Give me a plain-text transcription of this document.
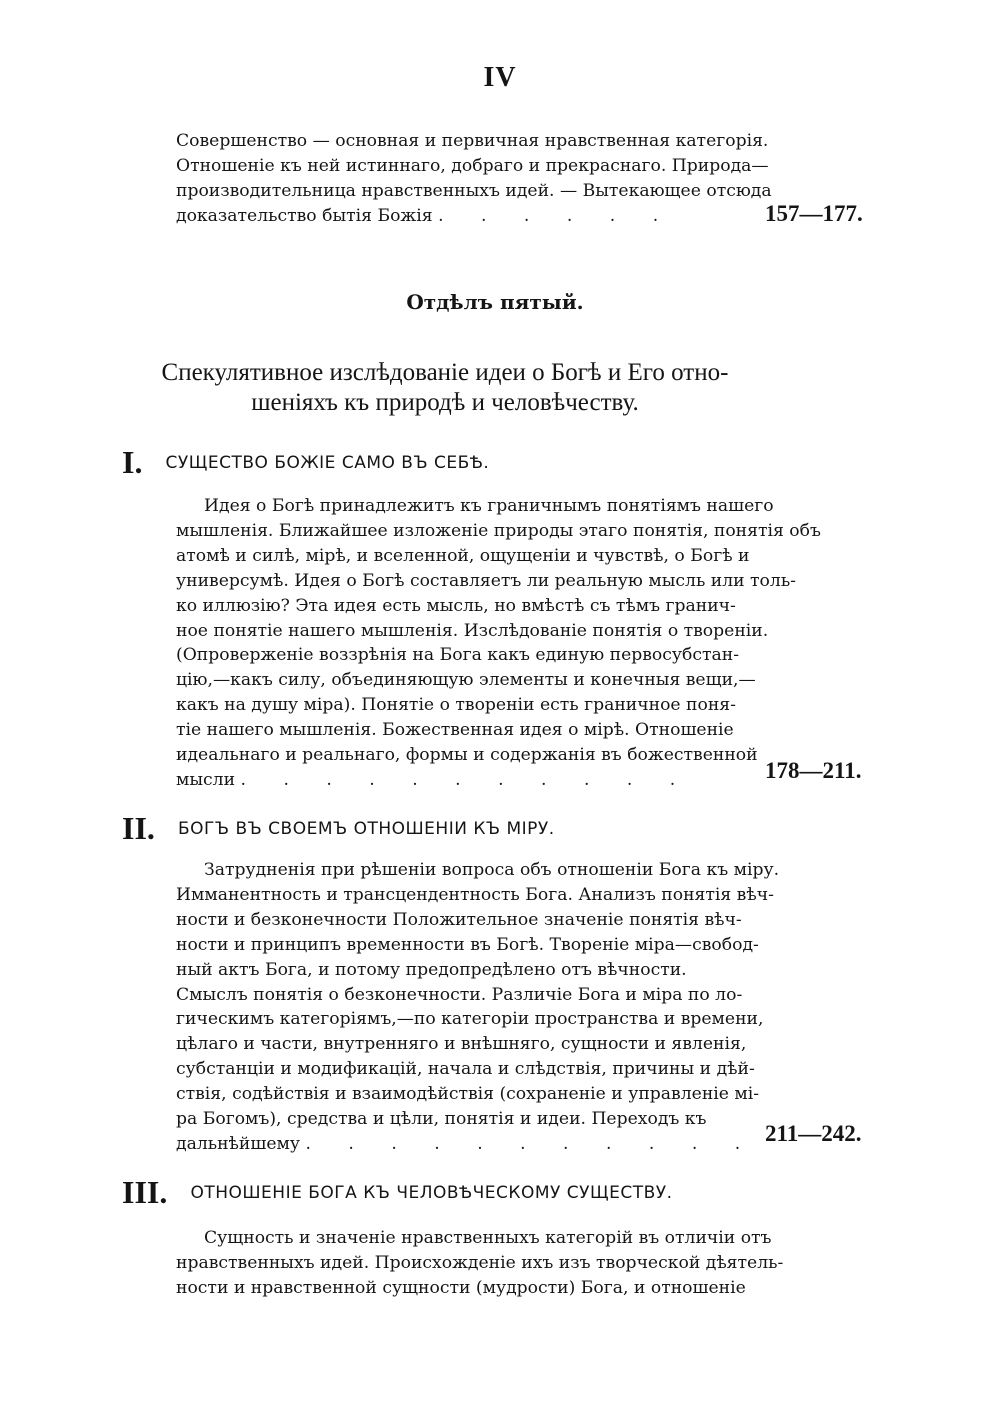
IV
Совершенство — основная и первичная нравственная категорія.
Отношеніе къ ней истиннаго, добраго и прекраснаго. Природа—
производительница нравственныхъ идей. — Вытекающее отсюда
доказательство бытія Божія . . . . . .	157—177.
Отдѣлъ пятый.
Спекулятивное изслѣдованіе идеи о Богѣ и Его отно-
шеніяхъ къ природѣ и человѣчеству.
I. СУЩЕСТВО БОЖІЕ САМО ВЪ СЕБѢ.
Идея о Богѣ принадлежитъ къ граничнымъ понятіямъ нашего
мышленія. Ближайшее изложеніе природы этаго понятія, понятія объ
атомѣ и силѣ, мірѣ, и вселенной, ощущеніи и чувствѣ, о Богѣ и
универсумѣ. Идея о Богѣ составляетъ ли реальную мысль или толь-
ко иллюзію? Эта идея есть мысль, но вмѣстѣ съ тѣмъ гранич-
ное понятіе нашего мышленія. Изслѣдованіе понятія о твореніи.
(Опроверженіе воззрѣнія на Бога какъ единую первосубстан-
цію,—какъ силу, объединяющую элементы и конечныя вещи,—
какъ на душу міра). Понятіе о твореніи есть граничное поня-
тіе нашего мышленія. Божественная идея о мірѣ. Отношеніе
идеальнаго и реальнаго, формы и содержанія въ божественной
мысли . . . . . . . . . . .	178—211.
II. БОГЪ ВЪ СВОЕМЪ ОТНОШЕНІИ КЪ МІРУ.
Затрудненія при рѣшеніи вопроса объ отношеніи Бога къ міру.
Имманентность и трансцендентность Бога. Анализъ понятія вѣч-
ности и безконечности Положительное значеніе понятія вѣч-
ности и принципъ временности въ Богѣ. Твореніе міра—свобод-
ный актъ Бога, и потому предопредѣлено отъ вѣчности.
Смыслъ понятія о безконечности. Различіе Бога и міра по ло-
гическимъ категоріямъ,—по категоріи пространства и времени,
цѣлаго и части, внутренняго и внѣшняго, сущности и явленія,
субстанціи и модификацій, начала и слѣдствія, причины и дѣй-
ствія, содѣйствія и взаимодѣйствія (сохраненіе и управленіе мі-
ра Богомъ), средства и цѣли, понятія и идеи. Переходъ къ
дальнѣйшему . . . . . . . . . . . 211—242.
III. ОТНОШЕНІЕ БОГА КЪ ЧЕЛОВѢЧЕСКОМУ СУЩЕСТВУ.
Сущность и значеніе нравственныхъ категорій въ отличіи отъ
нравственныхъ идей. Происхожденіе ихъ изъ творческой дѣятель-
ности и нравственной сущности (мудрости) Бога, и отношеніе
